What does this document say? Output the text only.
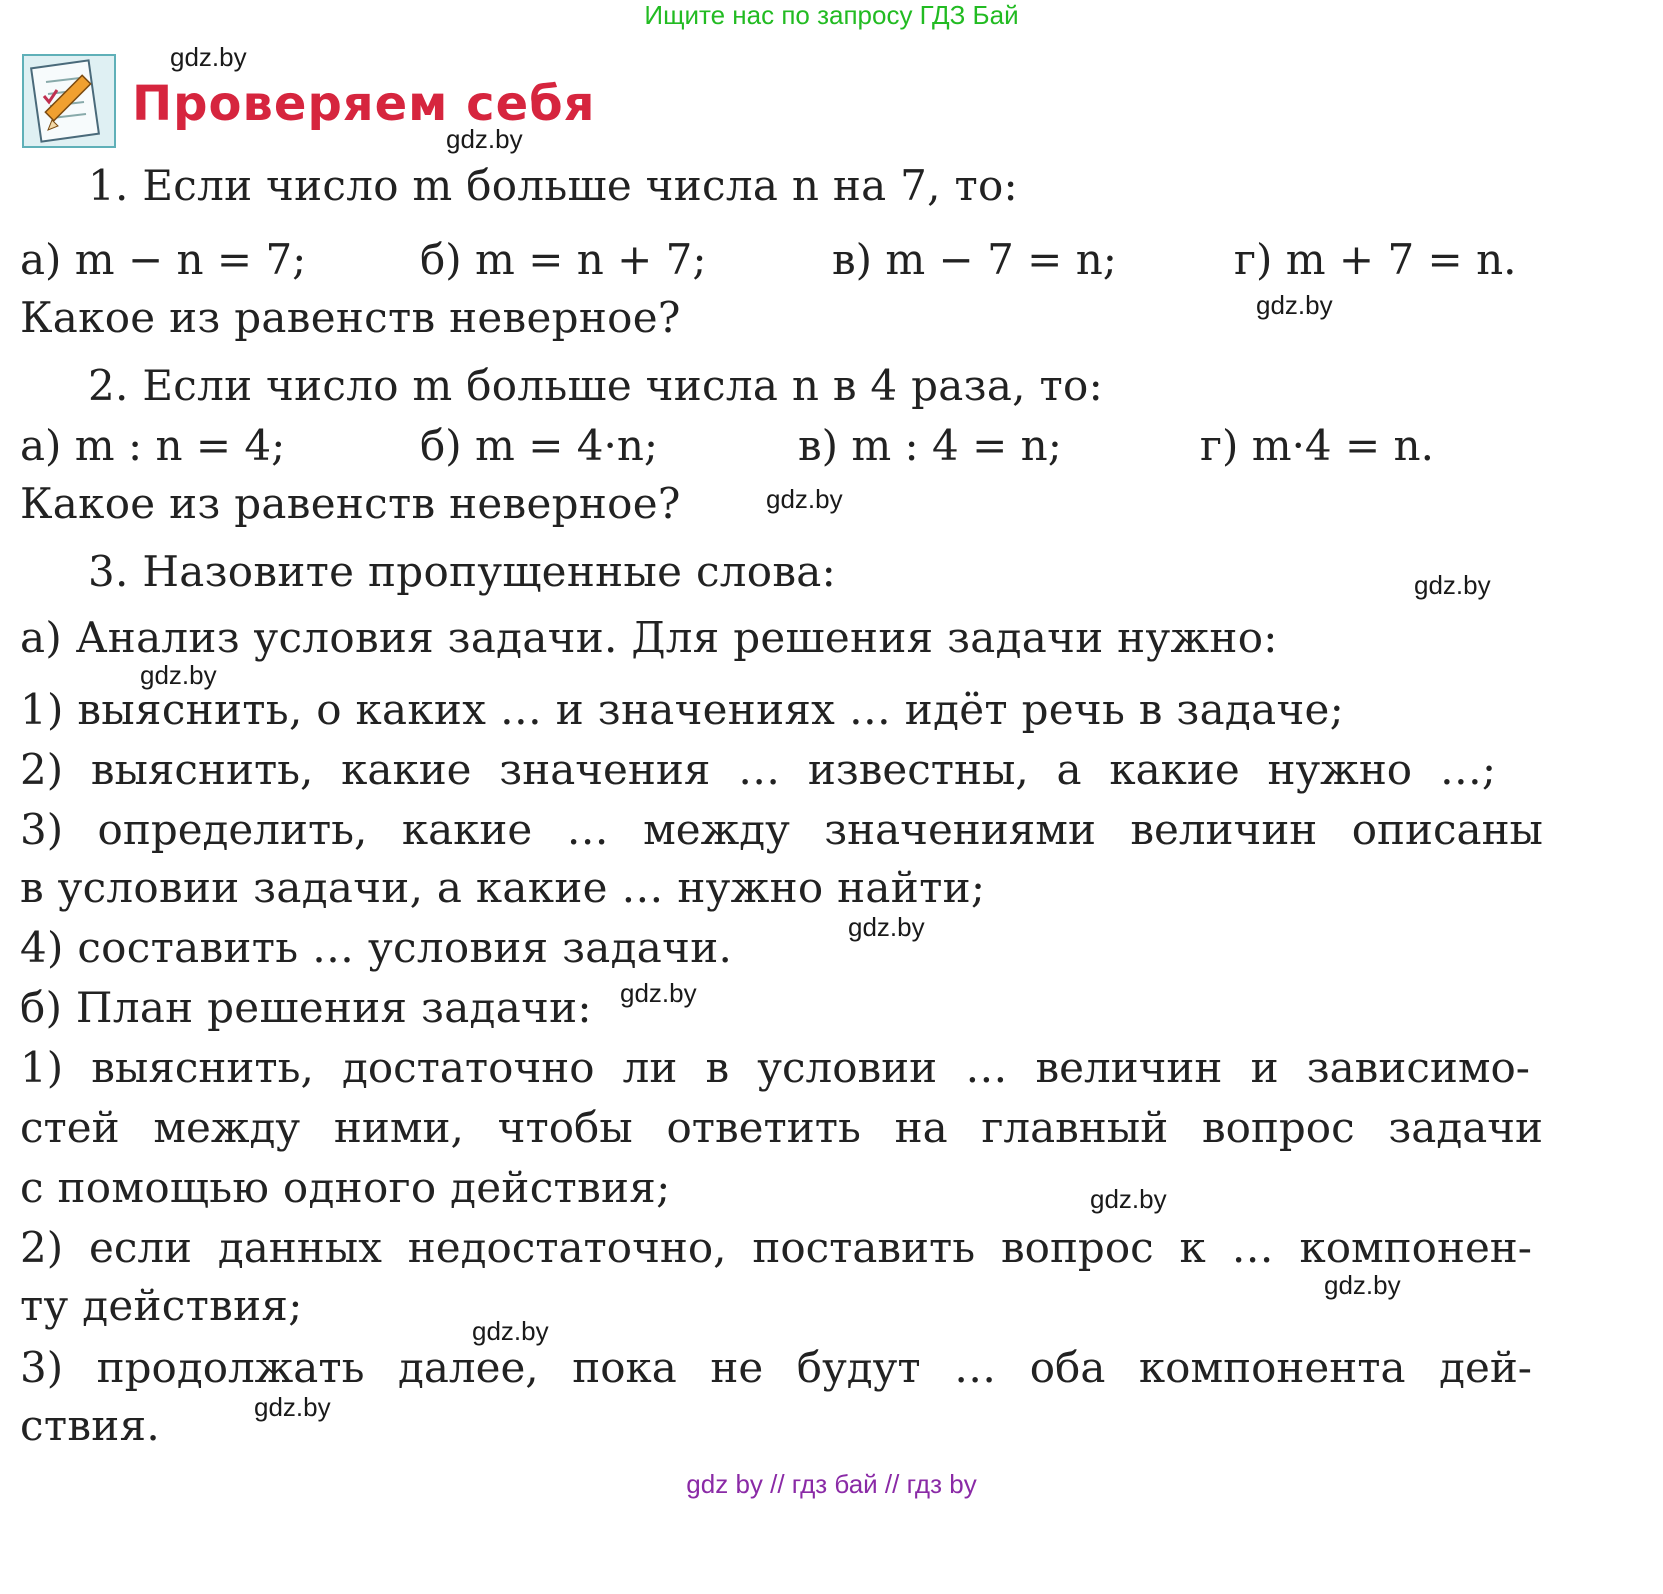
Ищите нас по запросу ГДЗ Бай
Проверяем себя
1. Если число m больше числа n на 7, то:
а) m − n = 7;	б) m = n + 7;	в) m − 7 = n;	г) m + 7 = n.
Какое из равенств неверное?
2. Если число m больше числа n в 4 раза, то:
а) m : n = 4;	б) m = 4·n;	в) m : 4 = n;	г) m·4 = n.
Какое из равенств неверное?
3. Назовите пропущенные слова:
а) Анализ условия задачи. Для решения задачи нужно:
1) выяснить, о каких … и значениях … идёт речь в задаче;
2) выяснить, какие значения … известны, а какие нужно …;
3) определить, какие … между значениями величин описаны
в условии задачи, а какие … нужно найти;
4) составить … условия задачи.
б) План решения задачи:
1) выяснить, достаточно ли в условии … величин и зависимо-
стей между ними, чтобы ответить на главный вопрос задачи
с помощью одного действия;
2) если данных недостаточно, поставить вопрос к … компонен-
ту действия;
3) продолжать далее, пока не будут … оба компонента дей-
ствия.
gdz.by
gdz.by
gdz.by
gdz.by
gdz.by
gdz.by
gdz.by
gdz.by
gdz.by
gdz.by
gdz.by
gdz.by
gdz by // гдз бай // гдз by
